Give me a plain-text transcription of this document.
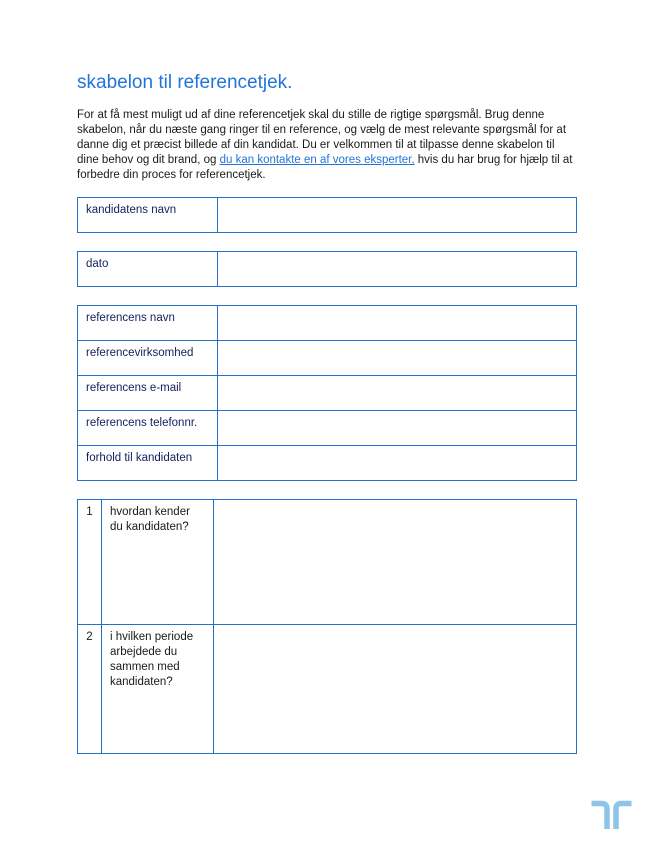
skabelon til referencetjek.

For at få mest muligt ud af dine referencetjek skal du stille de rigtige spørgsmål. Brug denne skabelon, når du næste gang ringer til en reference, og vælg de mest relevante spørgsmål for at danne dig et præcist billede af din kandidat. Du er velkommen til at tilpasse denne skabelon til dine behov og dit brand, og du kan kontakte en af vores eksperter, hvis du har brug for hjælp til at forbedre din proces for referencetjek.

kandidatens navn	
dato	
referencens navn	
referencevirksomhed	
referencens e-mail	
referencens telefonnr.	
forhold til kandidaten	
1	hvordan kender du kandidaten?	
2	i hvilken periode arbejdede du sammen med kandidaten?	
